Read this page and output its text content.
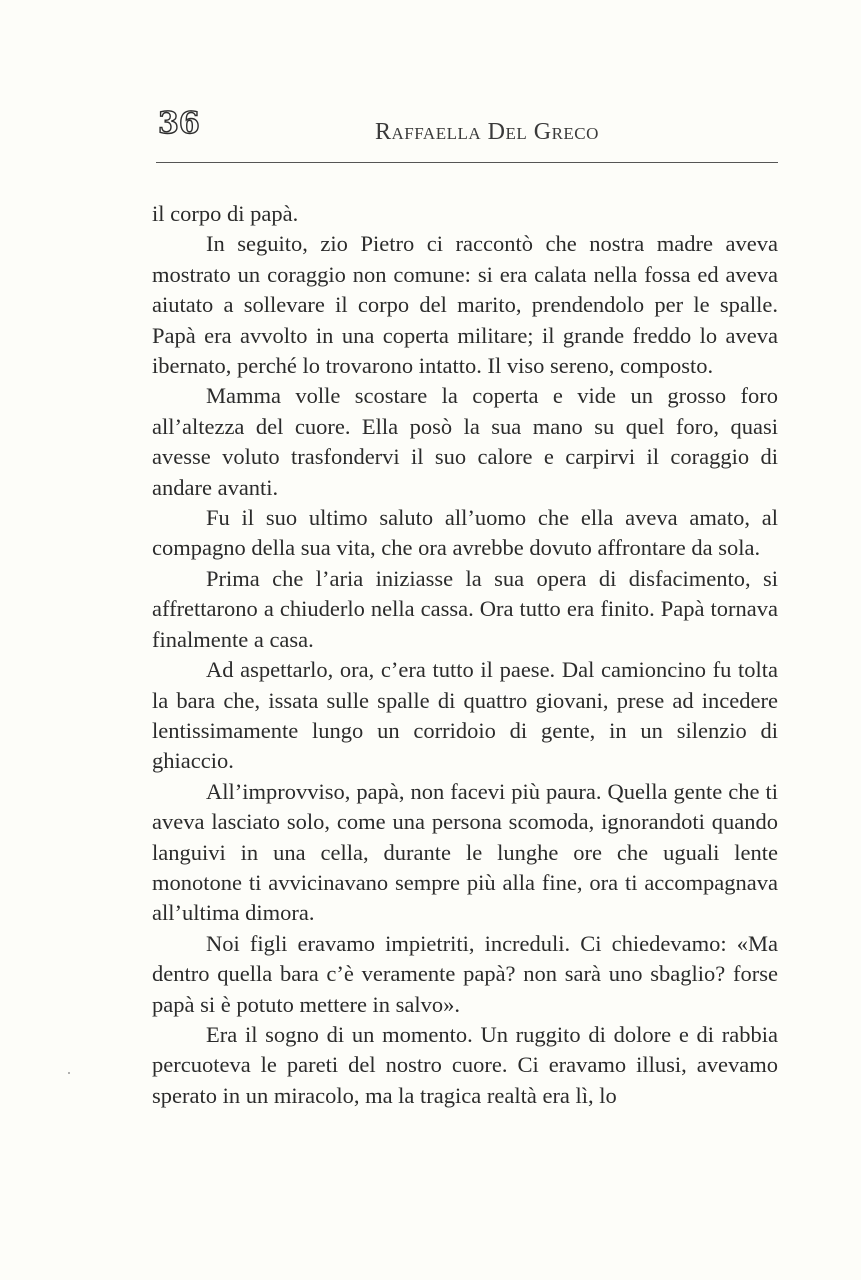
36	Raffaella Del Greco

il corpo di papà.

In seguito, zio Pietro ci raccontò che nostra madre aveva mostrato un coraggio non comune: si era calata nella fossa ed aveva aiutato a sollevare il corpo del marito, prendendolo per le spalle. Papà era avvolto in una coperta militare; il grande freddo lo aveva ibernato, perché lo trovarono intatto. Il viso sereno, composto.

Mamma volle scostare la coperta e vide un grosso foro all’altezza del cuore. Ella posò la sua mano su quel foro, quasi avesse voluto trasfondervi il suo calore e carpirvi il coraggio di andare avanti.

Fu il suo ultimo saluto all’uomo che ella aveva amato, al compagno della sua vita, che ora avrebbe dovuto affrontare da sola.

Prima che l’aria iniziasse la sua opera di disfacimento, si affrettarono a chiuderlo nella cassa. Ora tutto era finito. Papà tornava finalmente a casa.

Ad aspettarlo, ora, c’era tutto il paese. Dal camioncino fu tolta la bara che, issata sulle spalle di quattro giovani, prese ad incedere lentissimamente lungo un corridoio di gente, in un silenzio di ghiaccio.

All’improvviso, papà, non facevi più paura. Quella gente che ti aveva lasciato solo, come una persona scomoda, ignorandoti quando languivi in una cella, durante le lunghe ore che uguali lente monotone ti avvicinavano sempre più alla fine, ora ti accompagnava all’ultima dimora.

Noi figli eravamo impietriti, increduli. Ci chiedevamo: «Ma dentro quella bara c’è veramente papà? non sarà uno sbaglio? forse papà si è potuto mettere in salvo».

Era il sogno di un momento. Un ruggito di dolore e di rabbia percuoteva le pareti del nostro cuore. Ci eravamo illusi, avevamo sperato in un miracolo, ma la tragica realtà era lì, lo
